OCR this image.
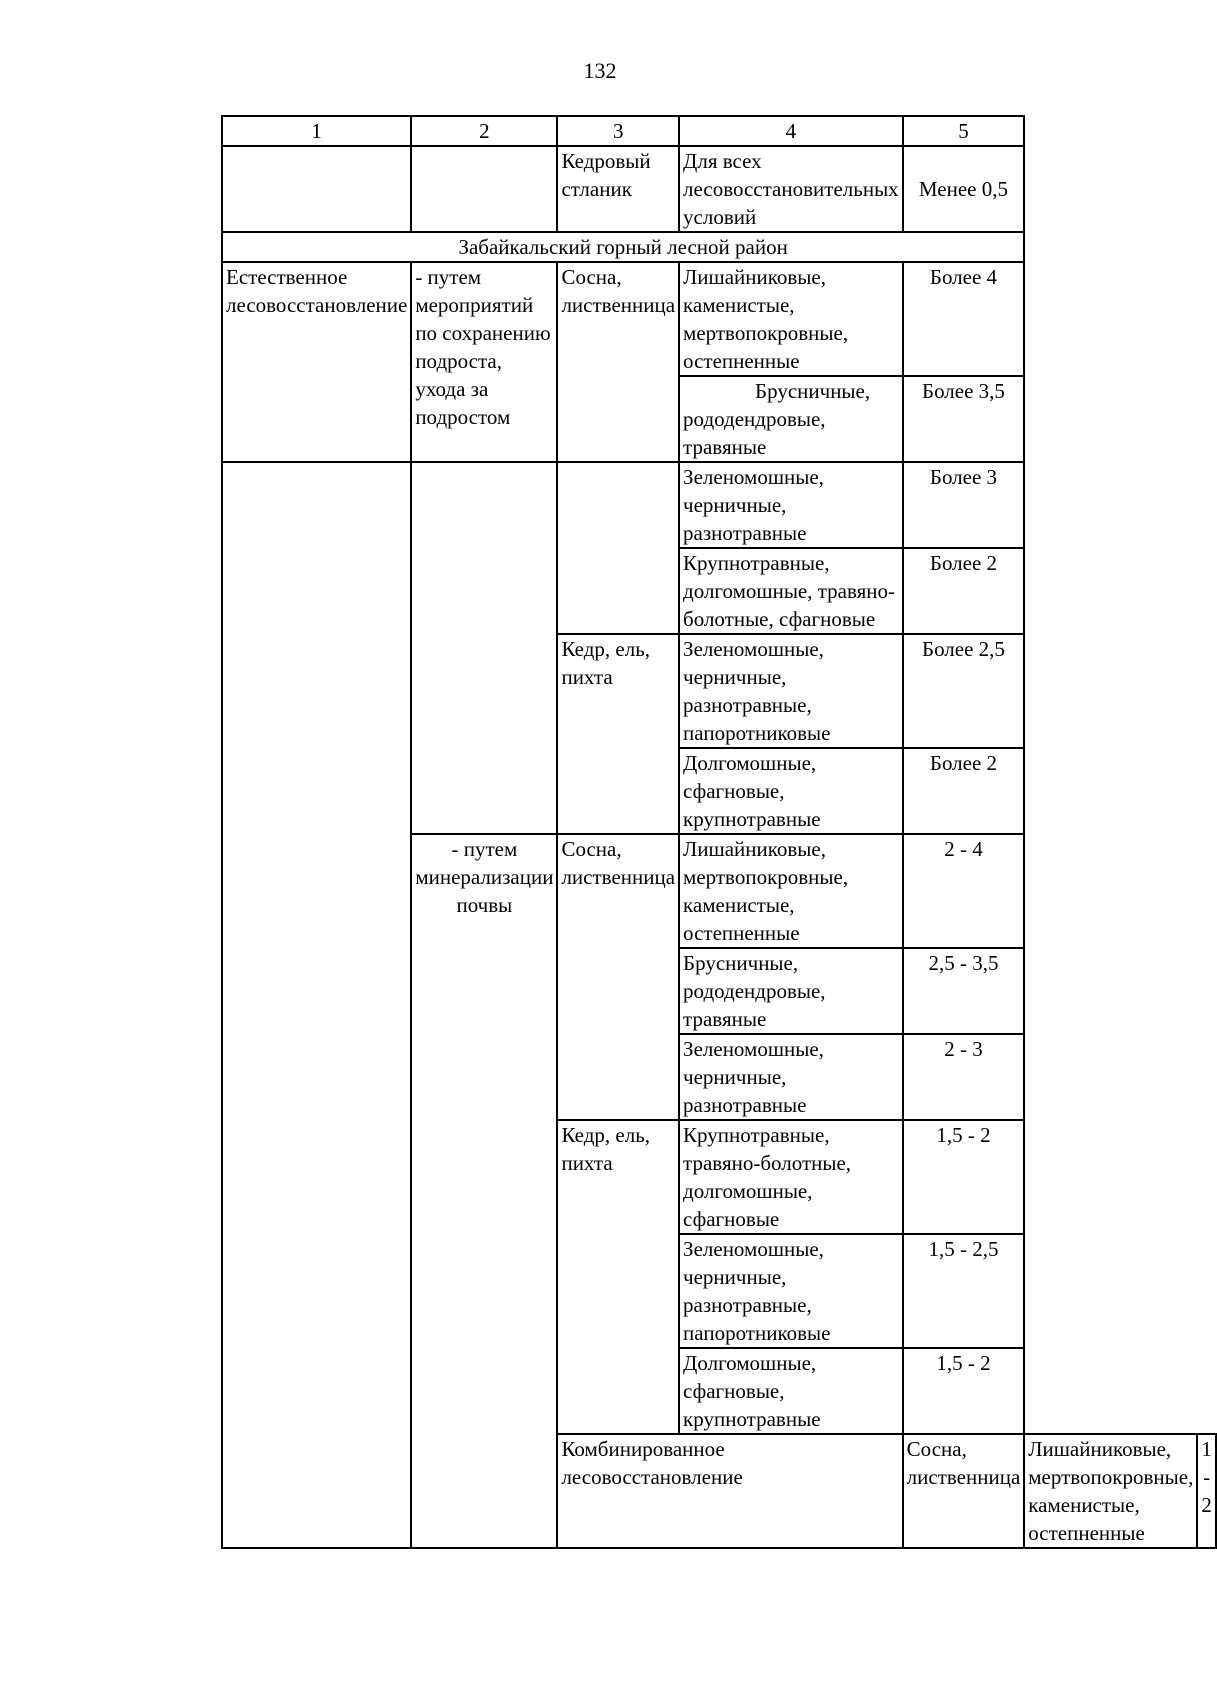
132
1	2	3	4	5		
		Кедровый стланик	Для всех лесовосстановительных условий	Менее 0,5		
Забайкальский горный лесной район						
Естественное лесовосстановление	- путем мероприятий по сохранению подроста, ухода за подростом	Сосна, лиственница	Лишайниковые, каменистые, мертвопокровные, остепненные	Более 4		
			Брусничные, рододендровые, травяные	Более 3,5		
			Зеленомошные, черничные, разнотравные	Более 3		
			Крупнотравные, долгомошные, травяно-болотные, сфагновые	Более 2		
		Кедр, ель, пихта	Зеленомошные, черничные, разнотравные, папоротниковые	Более 2,5		
			Долгомошные, сфагновые, крупнотравные	Более 2		
	- путем минерализации почвы	Сосна, лиственница	Лишайниковые, мертвопокровные, каменистые, остепненные	2 - 4		
			Брусничные, рододендровые, травяные	2,5 - 3,5		
			Зеленомошные, черничные, разнотравные	2 - 3		
		Кедр, ель, пихта	Крупнотравные, травяно-болотные, долгомошные, сфагновые	1,5 - 2		
			Зеленомошные, черничные, разнотравные, папоротниковые	1,5 - 2,5		
			Долгомошные, сфагновые, крупнотравные	1,5 - 2		
		Комбинированное лесовосстановление		Сосна, лиственница	Лишайниковые, мертвопокровные, каменистые, остепненные	1 - 2
